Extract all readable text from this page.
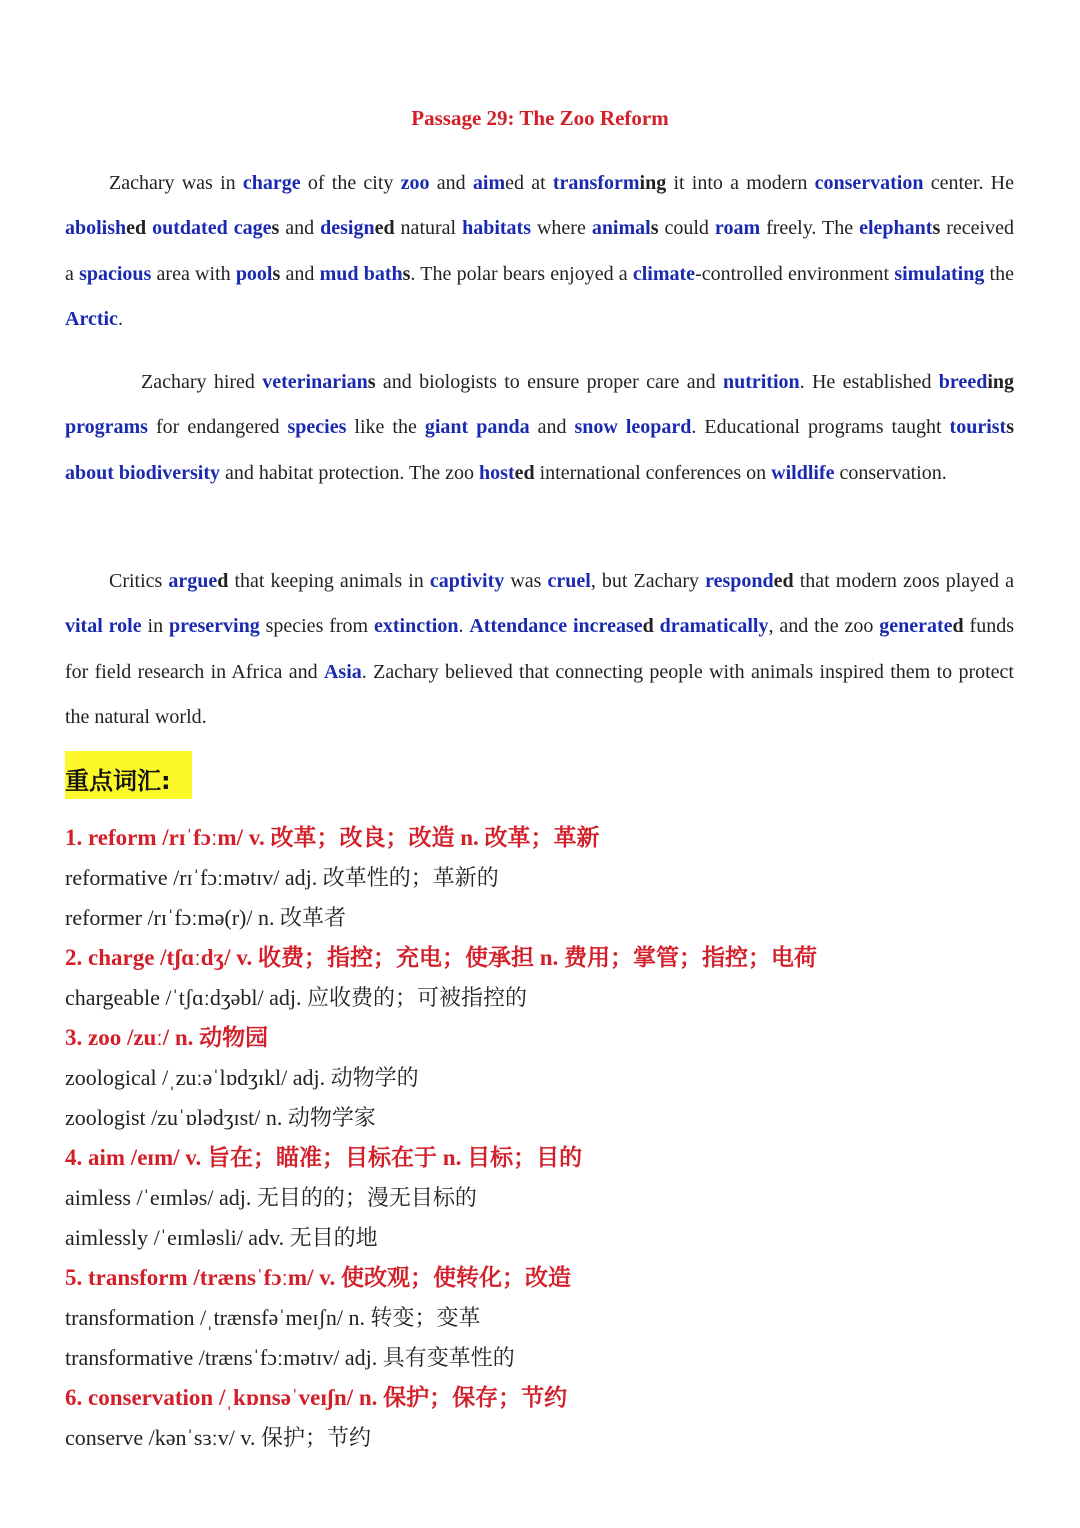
Passage 29: The Zoo Reform

Zachary was in charge of the city zoo and aimed at transforming it into a modern conservation center. He abolished outdated cages and designed natural habitats where animals could roam freely. The elephants received a spacious area with pools and mud baths. The polar bears enjoyed a climate-controlled environment simulating the Arctic.

Zachary hired veterinarians and biologists to ensure proper care and nutrition. He established breeding programs for endangered species like the giant panda and snow leopard. Educational programs taught tourists about biodiversity and habitat protection. The zoo hosted international conferences on wildlife conservation.

Critics argued that keeping animals in captivity was cruel, but Zachary responded that modern zoos played a vital role in preserving species from extinction. Attendance increased dramatically, and the zoo generated funds for field research in Africa and Asia. Zachary believed that connecting people with animals inspired them to protect the natural world.

重点词汇:
1. reform /rɪˈfɔːm/ v. 改革；改良；改造 n. 改革；革新
reformative /rɪˈfɔːmətɪv/ adj. 改革性的；革新的
reformer /rɪˈfɔːmə(r)/ n. 改革者
2. charge /tʃɑːdʒ/ v. 收费；指控；充电；使承担 n. 费用；掌管；指控；电荷
chargeable /ˈtʃɑːdʒəbl/ adj. 应收费的；可被指控的
3. zoo /zuː/ n. 动物园
zoological /ˌzuːəˈlɒdʒɪkl/ adj. 动物学的
zoologist /zuˈɒlədʒɪst/ n. 动物学家
4. aim /eɪm/ v. 旨在；瞄准；目标在于 n. 目标；目的
aimless /ˈeɪmləs/ adj. 无目的的；漫无目标的
aimlessly /ˈeɪmləsli/ adv. 无目的地
5. transform /trænsˈfɔːm/ v. 使改观；使转化；改造
transformation /ˌtrænsfəˈmeɪʃn/ n. 转变；变革
transformative /trænsˈfɔːmətɪv/ adj. 具有变革性的
6. conservation /ˌkɒnsəˈveɪʃn/ n. 保护；保存；节约
conserve /kənˈsɜːv/ v. 保护；节约
